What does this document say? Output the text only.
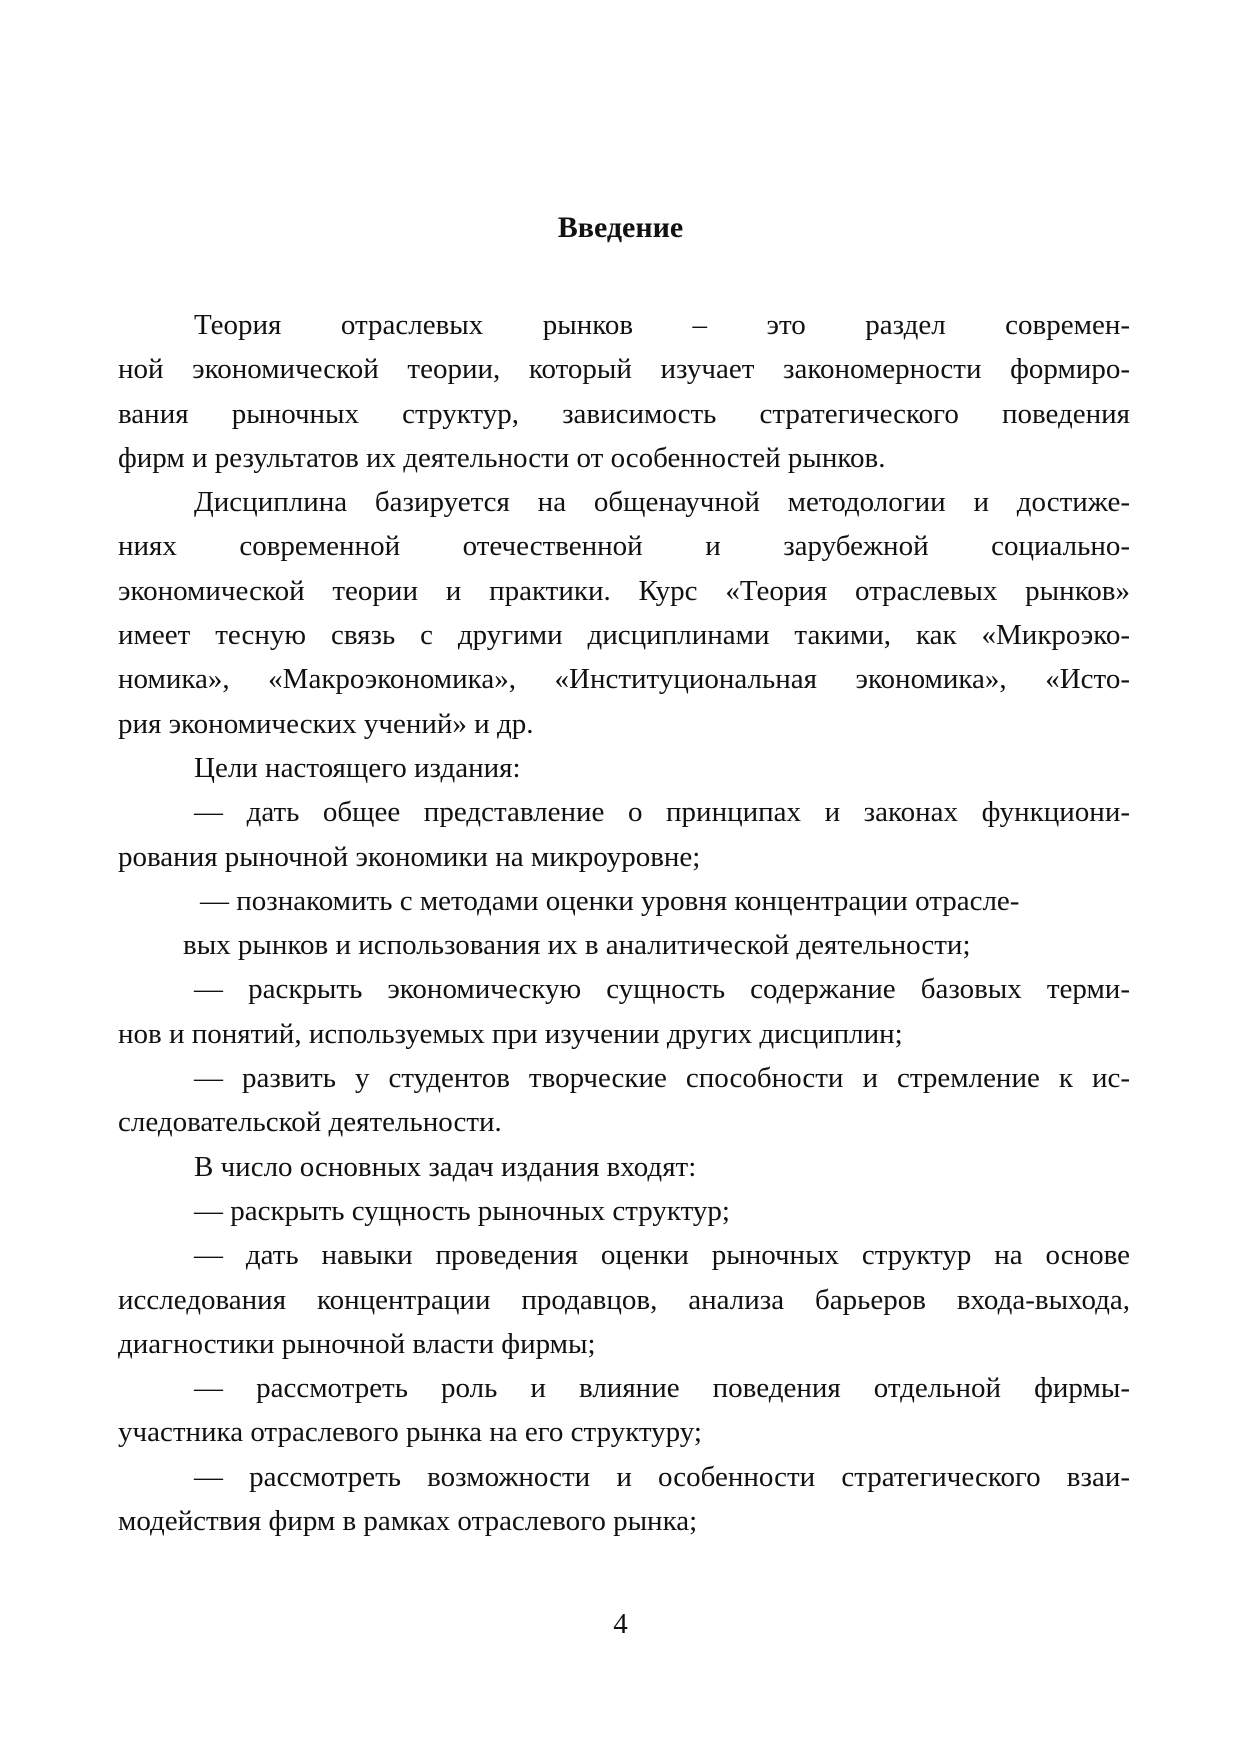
Введение
Теория отраслевых рынков – это раздел современ-
ной экономической теории, который изучает закономерности формиро-
вания рыночных структур, зависимость стратегического поведения
фирм и результатов их деятельности от особенностей рынков.
Дисциплина базируется на общенаучной методологии и достиже-
ниях современной отечественной и зарубежной социально-
экономической теории и практики. Курс «Теория отраслевых рынков»
имеет тесную связь с другими дисциплинами такими, как «Микроэко-
номика», «Макроэкономика», «Институциональная экономика», «Исто-
рия экономических учений» и др.
Цели настоящего издания:
— дать общее представление о принципах и законах функциони-
рования рыночной экономики на микроуровне;
— познакомить с методами оценки уровня концентрации отрасле-
вых рынков и использования их в аналитической деятельности;
— раскрыть экономическую сущность содержание базовых терми-
нов и понятий, используемых при изучении других дисциплин;
— развить у студентов творческие способности и стремление к ис-
следовательской деятельности.
В число основных задач издания входят:
— раскрыть сущность рыночных структур;
— дать навыки проведения оценки рыночных структур на основе
исследования концентрации продавцов, анализа барьеров входа-выхода,
диагностики рыночной власти фирмы;
— рассмотреть роль и влияние поведения отдельной фирмы-
участника отраслевого рынка на его структуру;
— рассмотреть возможности и особенности стратегического взаи-
модействия фирм в рамках отраслевого рынка;
4
